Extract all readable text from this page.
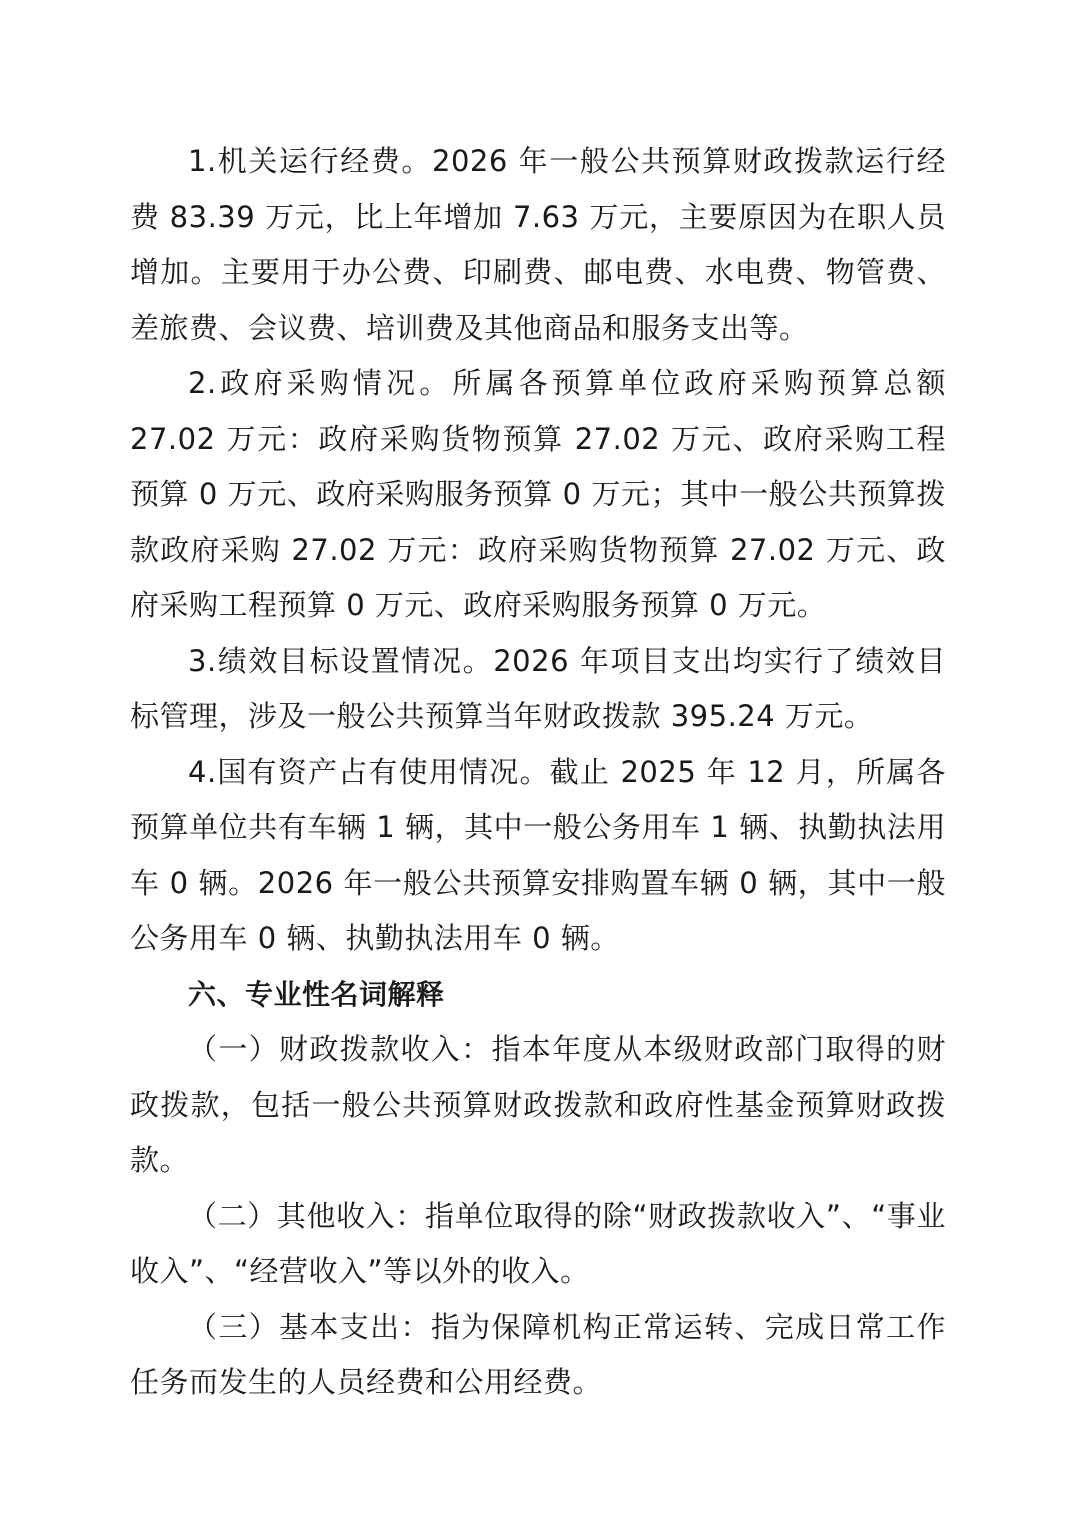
1.机关运行经费。2026 年一般公共预算财政拨款运行经费 83.39 万元，比上年增加 7.63 万元，主要原因为在职人员增加。主要用于办公费、印刷费、邮电费、水电费、物管费、差旅费、会议费、培训费及其他商品和服务支出等。

2.政府采购情况。所属各预算单位政府采购预算总额 27.02 万元：政府采购货物预算 27.02 万元、政府采购工程预算 0 万元、政府采购服务预算 0 万元；其中一般公共预算拨款政府采购 27.02 万元：政府采购货物预算 27.02 万元、政府采购工程预算 0 万元、政府采购服务预算 0 万元。

3.绩效目标设置情况。2026 年项目支出均实行了绩效目标管理，涉及一般公共预算当年财政拨款 395.24 万元。

4.国有资产占有使用情况。截止 2025 年 12 月，所属各预算单位共有车辆 1 辆，其中一般公务用车 1 辆、执勤执法用车 0 辆。2026 年一般公共预算安排购置车辆 0 辆，其中一般公务用车 0 辆、执勤执法用车 0 辆。

六、专业性名词解释

（一）财政拨款收入：指本年度从本级财政部门取得的财政拨款，包括一般公共预算财政拨款和政府性基金预算财政拨款。

（二）其他收入：指单位取得的除“财政拨款收入”、“事业收入”、“经营收入”等以外的收入。

（三）基本支出：指为保障机构正常运转、完成日常工作任务而发生的人员经费和公用经费。
